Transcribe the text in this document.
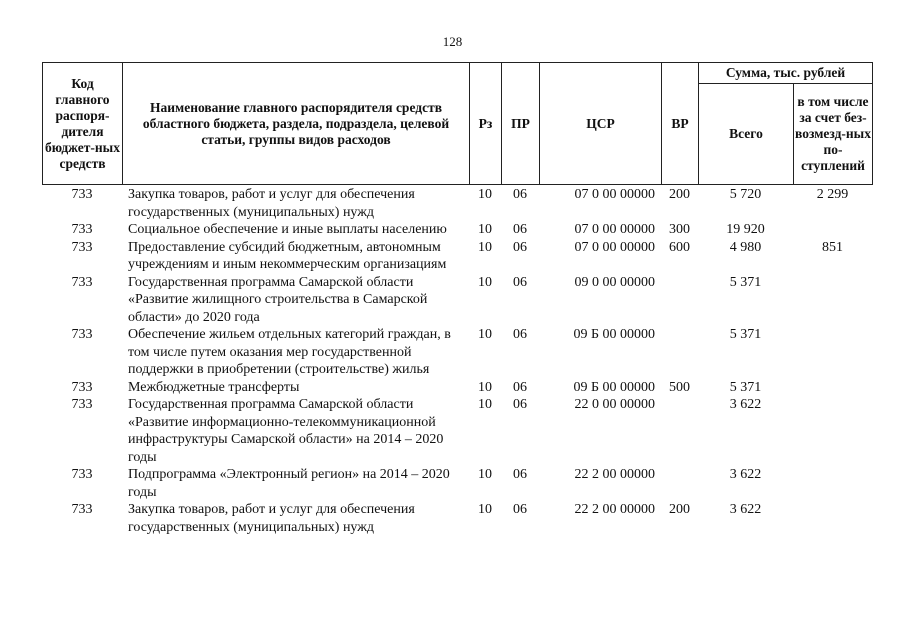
128
Код главного распоря-дителя бюджет-ных средств	Наименование главного распорядителя средств областного бюджета, раздела, подраздела, целевой статьи, группы видов расходов	Рз	ПР	ЦСР	ВР	Сумма, тыс. рублей	
						Всего	в том числе за счет без-возмезд-ных по-ступлений
733	Закупка товаров, работ и услуг для обеспечения государственных (муниципальных) нужд	10	06	07 0 00 00000	200	5 720	2 299
733	Социальное обеспечение и иные выплаты населению	10	06	07 0 00 00000	300	19 920	
733	Предоставление субсидий бюджетным, автономным учреждениям и иным некоммерческим организациям	10	06	07 0 00 00000	600	4 980	851
733	Государственная программа Самарской области «Развитие жилищного строительства в Самарской области» до 2020 года	10	06	09 0 00 00000		5 371	
733	Обеспечение жильем отдельных категорий граждан, в том числе путем оказания мер государственной поддержки в приобретении (строительстве) жилья	10	06	09 Б 00 00000		5 371	
733	Межбюджетные трансферты	10	06	09 Б 00 00000	500	5 371	
733	Государственная программа Самарской области «Развитие информационно-телекоммуникационной инфраструктуры Самарской области» на 2014 – 2020 годы	10	06	22 0 00 00000		3 622	
733	Подпрограмма «Электронный регион» на 2014 – 2020 годы	10	06	22 2 00 00000		3 622	
733	Закупка товаров, работ и услуг для обеспечения государственных (муниципальных) нужд	10	06	22 2 00 00000	200	3 622	
